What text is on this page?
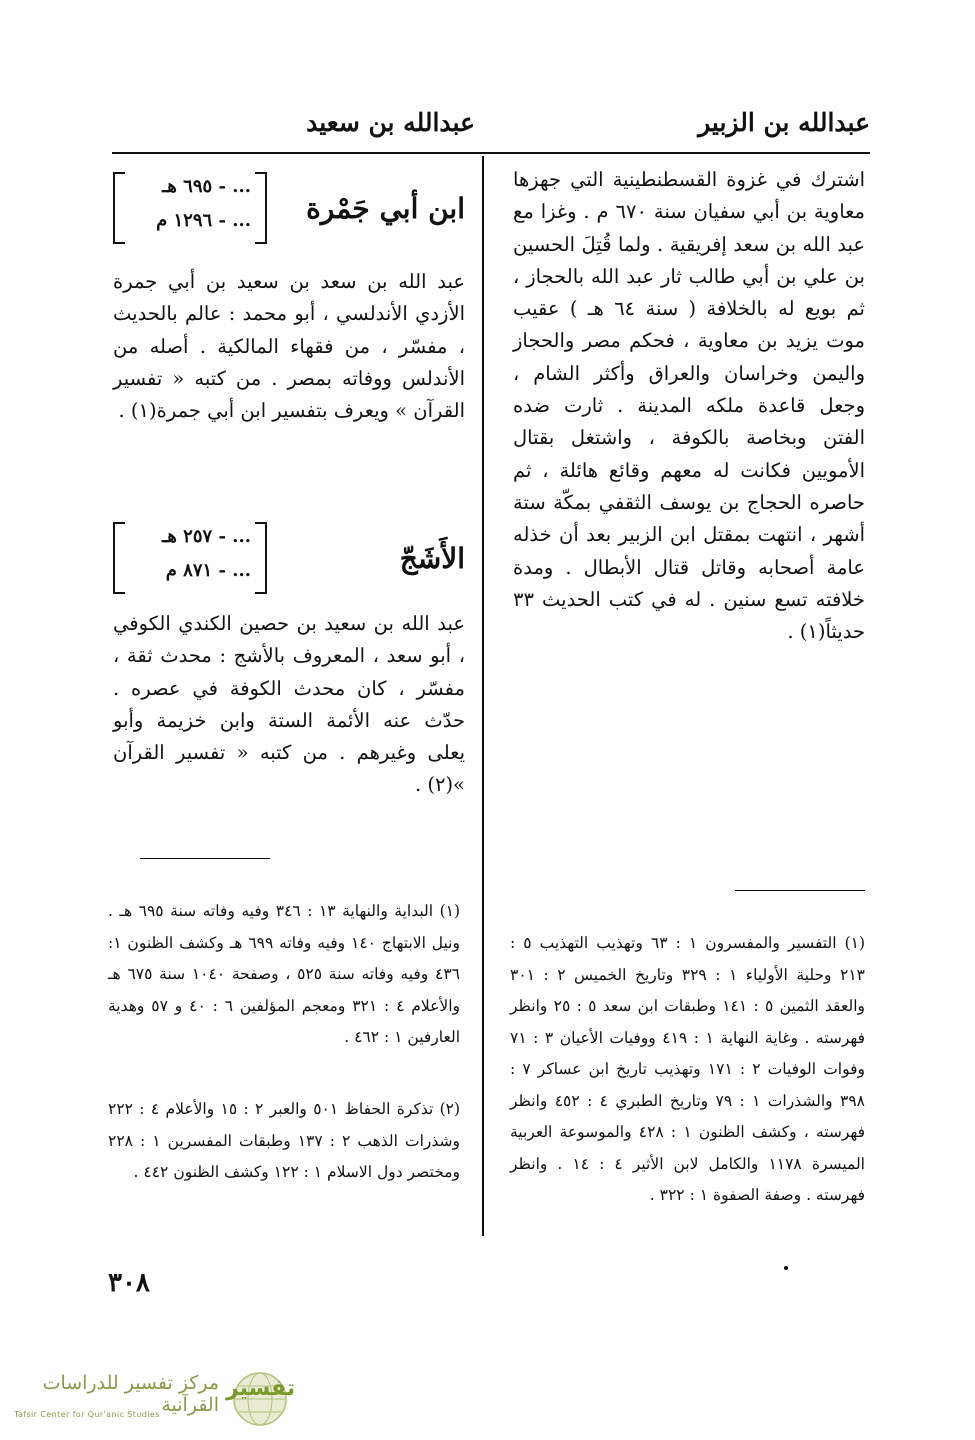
عبدالله بن الزبير
عبدالله بن سعيد
اشترك في غزوة القسطنطينية التي جهزها معاوية بن أبي سفيان سنة ٦٧٠ م . وغزا مع عبد الله بن سعد إفريقية . ولما قُتِلَ الحسين بن علي بن أبي طالب ثار عبد الله بالحجاز ، ثم بويع له بالخلافة ( سنة ٦٤ هـ ) عقيب موت يزيد بن معاوية ، فحكم مصر والحجاز واليمن وخراسان والعراق وأكثر الشام ، وجعل قاعدة ملكه المدينة . ثارت ضده الفتن وبخاصة بالكوفة ، واشتغل بقتال الأمويين فكانت له معهم وقائع هائلة ، ثم حاصره الحجاج بن يوسف الثقفي بمكّة ستة أشهر ، انتهت بمقتل ابن الزبير بعد أن خذله عامة أصحابه وقاتل قتال الأبطال . ومدة خلافته تسع سنين . له في كتب الحديث ٣٣ حديثاً(١) .
ابن أبي جَمْرة
... - ٦٩٥ هـ
... - ١٢٩٦ م
عبد الله بن سعد بن سعيد بن أبي جمرة الأزدي الأندلسي ، أبو محمد : عالم بالحديث ، مفسّر ، من فقهاء المالكية . أصله من الأندلس ووفاته بمصر . من كتبه « تفسير القرآن » ويعرف بتفسير ابن أبي جمرة(١) .
الأَشَجّ
... - ٢٥٧ هـ
... - ٨٧١ م
عبد الله بن سعيد بن حصين الكندي الكوفي ، أبو سعد ، المعروف بالأشج : محدث ثقة ، مفسّر ، كان محدث الكوفة في عصره . حدّث عنه الأئمة الستة وابن خزيمة وأبو يعلى وغيرهم . من كتبه « تفسير القرآن »(٢) .
(١) التفسير والمفسرون ١ : ٦٣ وتهذيب التهذيب ٥ : ٢١٣ وحلية الأولياء ١ : ٣٢٩ وتاريخ الخميس ٢ : ٣٠١ والعقد الثمين ٥ : ١٤١ وطبقات ابن سعد ٥ : ٢٥ وانظر فهرسته . وغاية النهاية ١ : ٤١٩ ووفيات الأعيان ٣ : ٧١ وفوات الوفيات ٢ : ١٧١ وتهذيب تاريخ ابن عساكر ٧ : ٣٩٨ والشذرات ١ : ٧٩ وتاريخ الطبري ٤ : ٤٥٢ وانظر فهرسته ، وكشف الظنون ١ : ٤٢٨ والموسوعة العربية الميسرة ١١٧٨ والكامل لابن الأثير ٤ : ١٤ . وانظر فهرسته . وصفة الصفوة ١ : ٣٢٢ .
(١) البداية والنهاية ١٣ : ٣٤٦ وفيه وفاته سنة ٦٩٥ هـ . ونيل الابتهاج ١٤٠ وفيه وفاته ٦٩٩ هـ وكشف الظنون ١: ٤٣٦ وفيه وفاته سنة ٥٢٥ ، وصفحة ١٠٤٠ سنة ٦٧٥ هـ والأعلام ٤ : ٣٢١ ومعجم المؤلفين ٦ : ٤٠ و ٥٧ وهدية العارفين ١ : ٤٦٢ .
(٢) تذكرة الحفاظ ٥٠١ والعبر ٢ : ١٥ والأعلام ٤ : ٢٢٢ وشذرات الذهب ٢ : ١٣٧ وطبقات المفسرين ١ : ٢٢٨ ومختصر دول الاسلام ١ : ١٢٢ وكشف الظنون ٤٤٢ .
٣٠٨
مركز تفسير للدراسات القرآنية
Tafsir Center for Qur'anic Studies
تفسير
